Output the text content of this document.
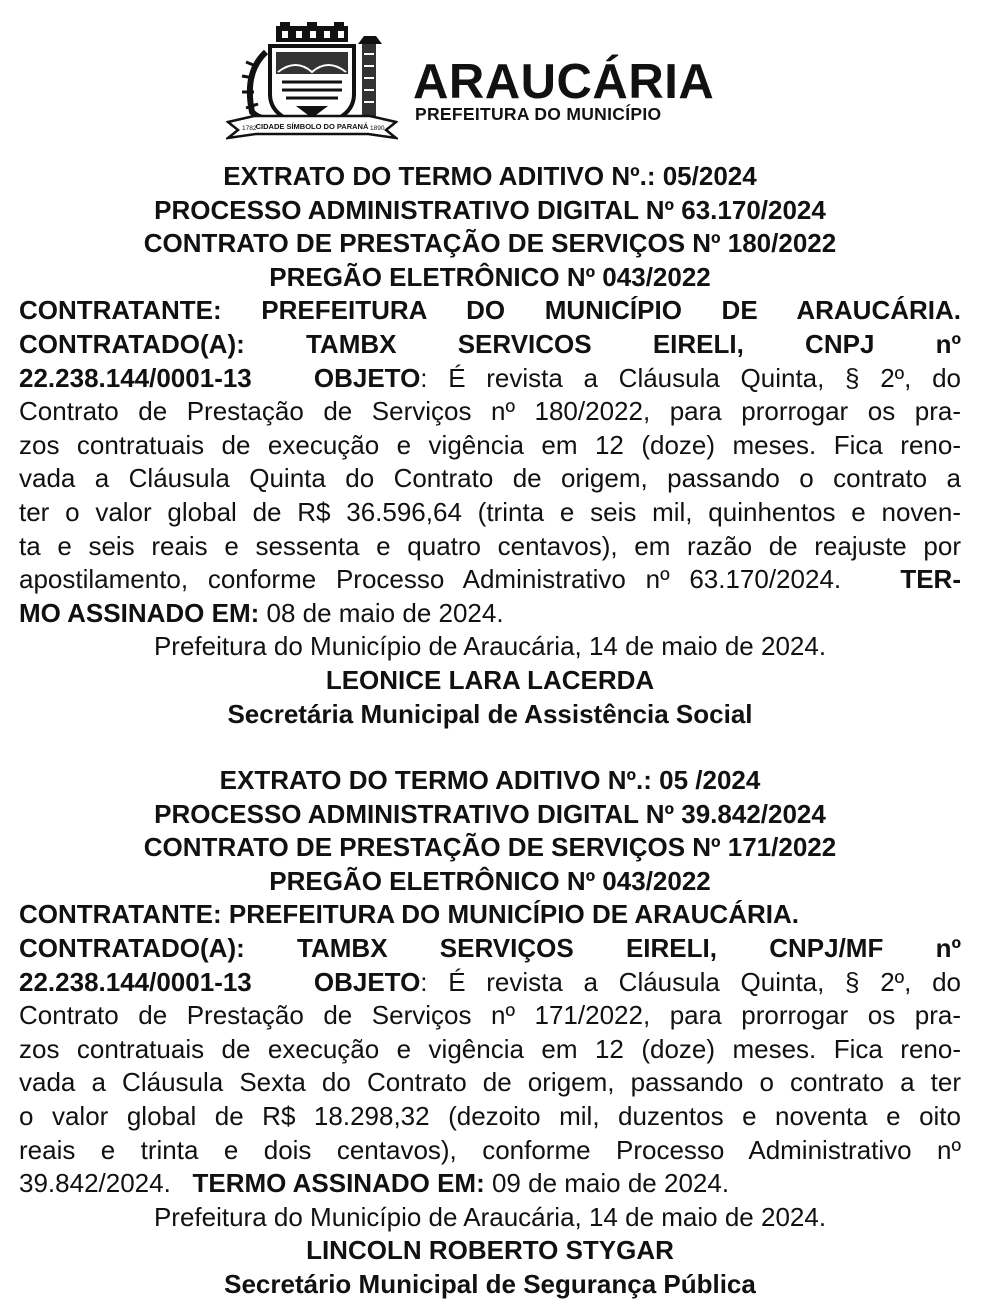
CIDADE SÍMBOLO DO PARANÁ
1782	1890
ARAUCÁRIA
PREFEITURA DO MUNICÍPIO
EXTRATO DO TERMO ADITIVO Nº.: 05/2024
PROCESSO ADMINISTRATIVO DIGITAL Nº 63.170/2024
CONTRATO DE PRESTAÇÃO DE SERVIÇOS Nº 180/2022
PREGÃO ELETRÔNICO Nº 043/2022
CONTRATANTE: PREFEITURA DO MUNICÍPIO DE ARAUCÁRIA.
CONTRATADO(A): TAMBX SERVICOS EIRELI, CNPJ nº
22.238.144/0001-13 OBJETO: É revista a Cláusula Quinta, § 2º, do
Contrato de Prestação de Serviços nº 180/2022, para prorrogar os pra-
zos contratuais de execução e vigência em 12 (doze) meses. Fica reno-
vada a Cláusula Quinta do Contrato de origem, passando o contrato a
ter o valor global de R$ 36.596,64 (trinta e seis mil, quinhentos e noven-
ta e seis reais e sessenta e quatro centavos), em razão de reajuste por
apostilamento, conforme Processo Administrativo nº 63.170/2024. TER-
MO ASSINADO EM: 08 de maio de 2024.
Prefeitura do Município de Araucária, 14 de maio de 2024.
LEONICE LARA LACERDA
Secretária Municipal de Assistência Social
EXTRATO DO TERMO ADITIVO Nº.: 05 /2024
PROCESSO ADMINISTRATIVO DIGITAL Nº 39.842/2024
CONTRATO DE PRESTAÇÃO DE SERVIÇOS Nº 171/2022
PREGÃO ELETRÔNICO Nº 043/2022
CONTRATANTE: PREFEITURA DO MUNICÍPIO DE ARAUCÁRIA.
CONTRATADO(A): TAMBX SERVIÇOS EIRELI, CNPJ/MF nº
22.238.144/0001-13 OBJETO: É revista a Cláusula Quinta, § 2º, do
Contrato de Prestação de Serviços nº 171/2022, para prorrogar os pra-
zos contratuais de execução e vigência em 12 (doze) meses. Fica reno-
vada a Cláusula Sexta do Contrato de origem, passando o contrato a ter
o valor global de R$ 18.298,32 (dezoito mil, duzentos e noventa e oito
reais e trinta e dois centavos), conforme Processo Administrativo nº
39.842/2024. TERMO ASSINADO EM: 09 de maio de 2024.
Prefeitura do Município de Araucária, 14 de maio de 2024.
LINCOLN ROBERTO STYGAR
Secretário Municipal de Segurança Pública
